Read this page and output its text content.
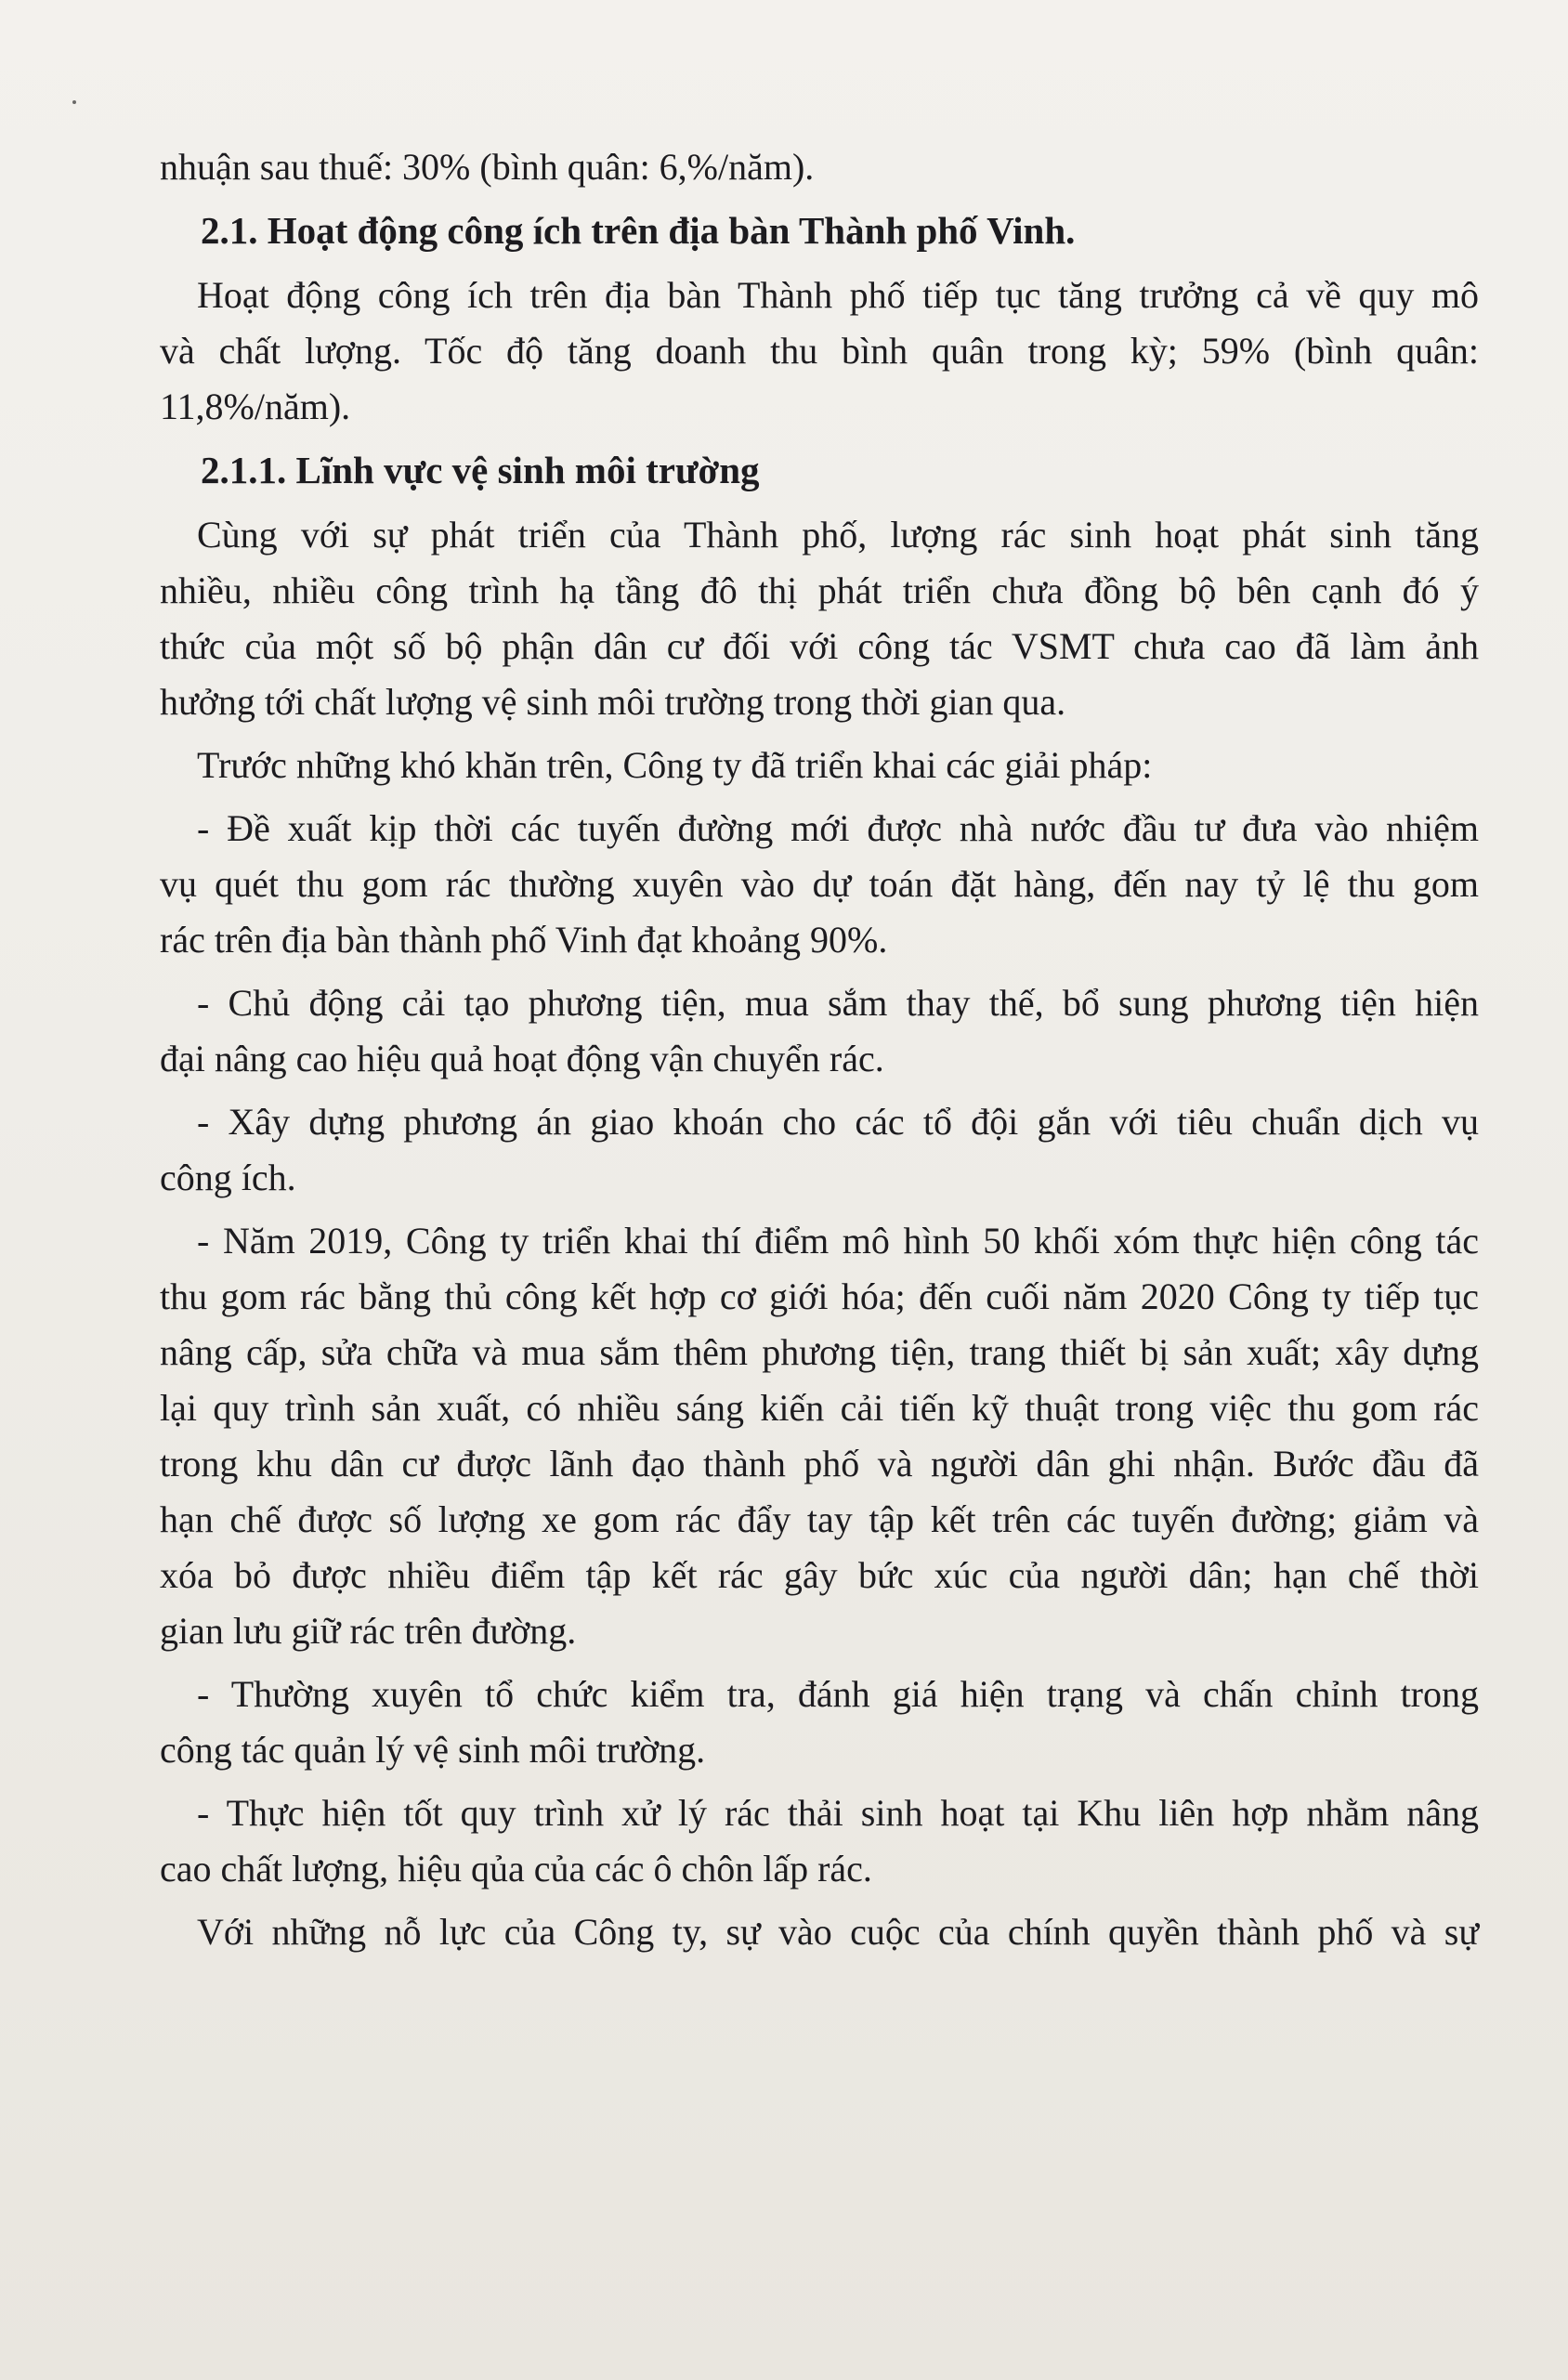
nhuận sau thuế: 30% (bình quân: 6,%/năm).
2.1. Hoạt động công ích trên địa bàn Thành phố Vinh.
Hoạt động công ích trên địa bàn Thành phố tiếp tục tăng trưởng cả về quy mô
và chất lượng. Tốc độ tăng doanh thu bình quân trong kỳ; 59% (bình quân:
11,8%/năm).
2.1.1. Lĩnh vực vệ sinh môi trường
Cùng với sự phát triển của Thành phố, lượng rác sinh hoạt phát sinh tăng
nhiều, nhiều công trình hạ tầng đô thị phát triển chưa đồng bộ bên cạnh đó ý
thức của một số bộ phận dân cư đối với công tác VSMT chưa cao đã làm ảnh
hưởng tới chất lượng vệ sinh môi trường trong thời gian qua.
Trước những khó khăn trên, Công ty đã triển khai các giải pháp:
- Đề xuất kịp thời các tuyến đường mới được nhà nước đầu tư đưa vào nhiệm
vụ quét thu gom rác thường xuyên vào dự toán đặt hàng, đến nay tỷ lệ thu gom
rác trên địa bàn thành phố Vinh đạt khoảng 90%.
- Chủ động cải tạo phương tiện, mua sắm thay thế, bổ sung phương tiện hiện
đại nâng cao hiệu quả hoạt động vận chuyển rác.
- Xây dựng phương án giao khoán cho các tổ đội gắn với tiêu chuẩn dịch vụ
công ích.
- Năm 2019, Công ty triển khai thí điểm mô hình 50 khối xóm thực hiện công tác
thu gom rác bằng thủ công kết hợp cơ giới hóa; đến cuối năm 2020 Công ty tiếp tục
nâng cấp, sửa chữa và mua sắm thêm phương tiện, trang thiết bị sản xuất; xây dựng
lại quy trình sản xuất, có nhiều sáng kiến cải tiến kỹ thuật trong việc thu gom rác
trong khu dân cư được lãnh đạo thành phố và người dân ghi nhận. Bước đầu đã
hạn chế được số lượng xe gom rác đẩy tay tập kết trên các tuyến đường; giảm và
xóa bỏ được nhiều điểm tập kết rác gây bức xúc của người dân; hạn chế thời
gian lưu giữ rác trên đường.
- Thường xuyên tổ chức kiểm tra, đánh giá hiện trạng và chấn chỉnh trong
công tác quản lý vệ sinh môi trường.
- Thực hiện tốt quy trình xử lý rác thải sinh hoạt tại Khu liên hợp nhằm nâng
cao chất lượng, hiệu qủa của các ô chôn lấp rác.
Với những nỗ lực của Công ty, sự vào cuộc của chính quyền thành phố và sự
